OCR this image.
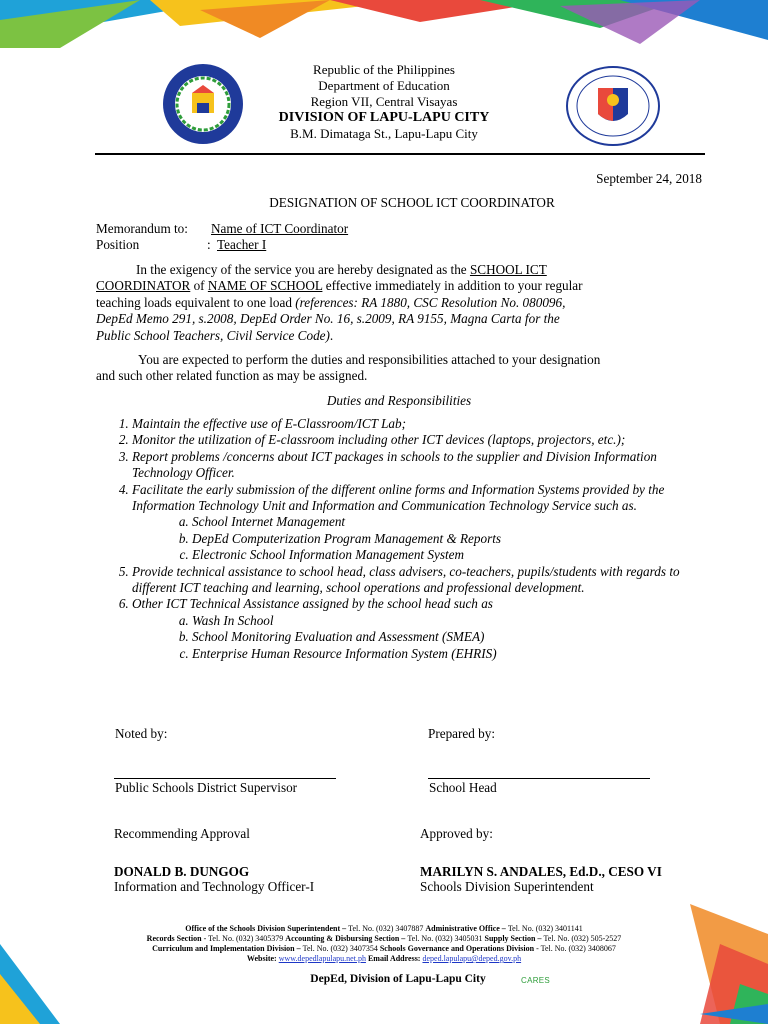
Republic of the Philippines
Department of Education
Region VII, Central Visayas
DIVISION OF LAPU-LAPU CITY
B.M. Dimataga St., Lapu-Lapu City
September 24, 2018
DESIGNATION OF SCHOOL ICT COORDINATOR
Memorandum to: Name of ICT Coordinator
Position	: Teacher I
In the exigency of the service you are hereby designated as the SCHOOL ICT
COORDINATOR of NAME OF SCHOOL effective immediately in addition to your regular
teaching loads equivalent to one load (references: RA 1880, CSC Resolution No. 080096,
DepEd Memo 291, s.2008, DepEd Order No. 16, s.2009, RA 9155, Magna Carta for the
Public School Teachers, Civil Service Code).
You are expected to perform the duties and responsibilities attached to your designation
and such other related function as may be assigned.
Duties and Responsibilities
1. Maintain the effective use of E-Classroom/ICT Lab;
2. Monitor the utilization of E-classroom including other ICT devices (laptops, projectors, etc.);
3. Report problems /concerns about ICT packages in schools to the supplier and Division Information Technology Officer.
4. Facilitate the early submission of the different online forms and Information Systems provided by the Information Technology Unit and Information and Communication Technology Service such as.
a. School Internet Management
b. DepEd Computerization Program Management & Reports
c. Electronic School Information Management System
5. Provide technical assistance to school head, class advisers, co-teachers, pupils/students with regards to different ICT teaching and learning, school operations and professional development.
6. Other ICT Technical Assistance assigned by the school head such as
a. Wash In School
b. School Monitoring Evaluation and Assessment (SMEA)
c. Enterprise Human Resource Information System (EHRIS)
Noted by:	Prepared by:
Public Schools District Supervisor	School Head
Recommending Approval	Approved by:
DONALD B. DUNGOG
Information and Technology Officer-I
MARILYN S. ANDALES, Ed.D., CESO VI
Schools Division Superintendent
Office of the Schools Division Superintendent – Tel. No. (032) 3407887 Administrative Office – Tel. No. (032) 3401141
Records Section - Tel. No. (032) 3405379 Accounting & Disbursing Section – Tel. No. (032) 3405031 Supply Section – Tel. No. (032) 505-2527
Curriculum and Implementation Division – Tel. No. (032) 3407354 Schools Governance and Operations Division - Tel. No. (032) 3408067
Website: www.depedlapulapu.net.ph Email Address: deped.lapulapu@deped.gov.ph
DepEd, Division of Lapu-Lapu City	CARES
